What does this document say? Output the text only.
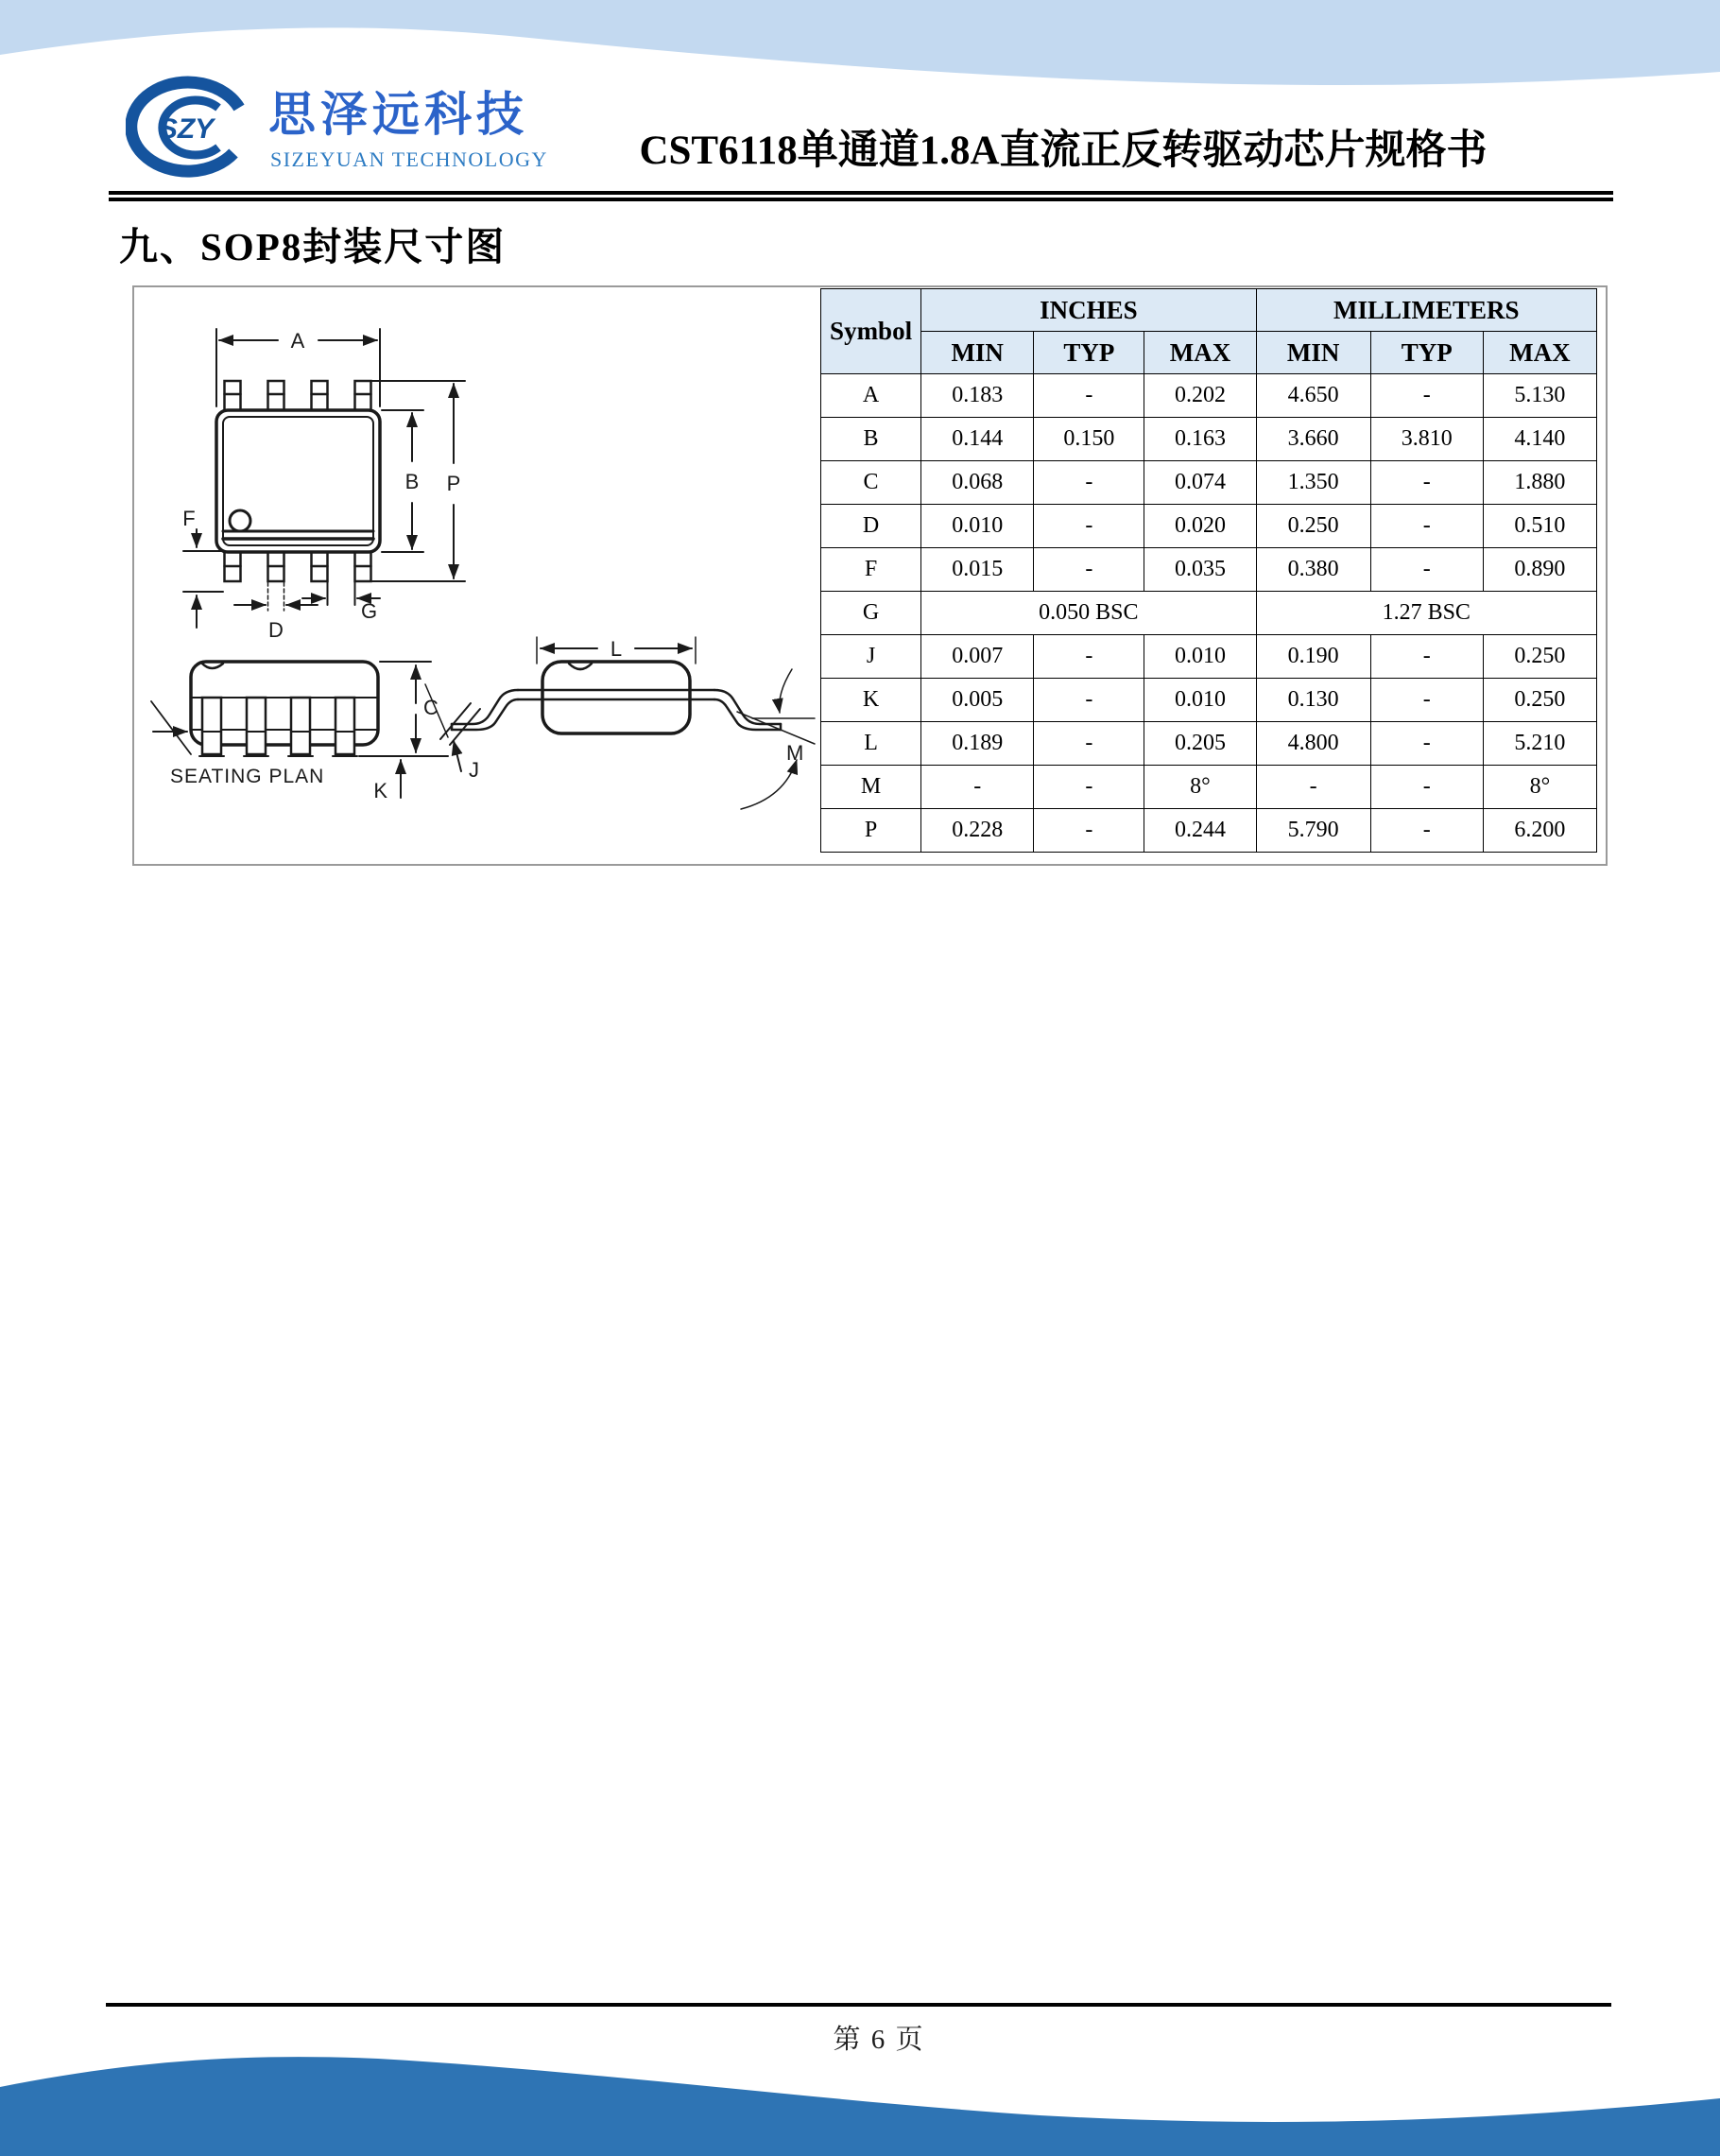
SZY 思泽远科技
SIZEYUAN TECHNOLOGY	CST6118单通道1.8A直流正反转驱动芯片规格书
九、SOP8封装尺寸图
A
B P
F
D
G
C
K
L
J
M
SEATING PLAN
Symbol	INCHES			MILLIMETERS		
	MIN	TYP	MAX	MIN	TYP	MAX
A	0.183	-	0.202	4.650	-	5.130
B	0.144	0.150	0.163	3.660	3.810	4.140
C	0.068	-	0.074	1.350	-	1.880
D	0.010	-	0.020	0.250	-	0.510
F	0.015	-	0.035	0.380	-	0.890
G	0.050 BSC			1.27 BSC		
J	0.007	-	0.010	0.190	-	0.250
K	0.005	-	0.010	0.130	-	0.250
L	0.189	-	0.205	4.800	-	5.210
M	-	-	8°	-	-	8°
P	0.228	-	0.244	5.790	-	6.200
第 6 页
